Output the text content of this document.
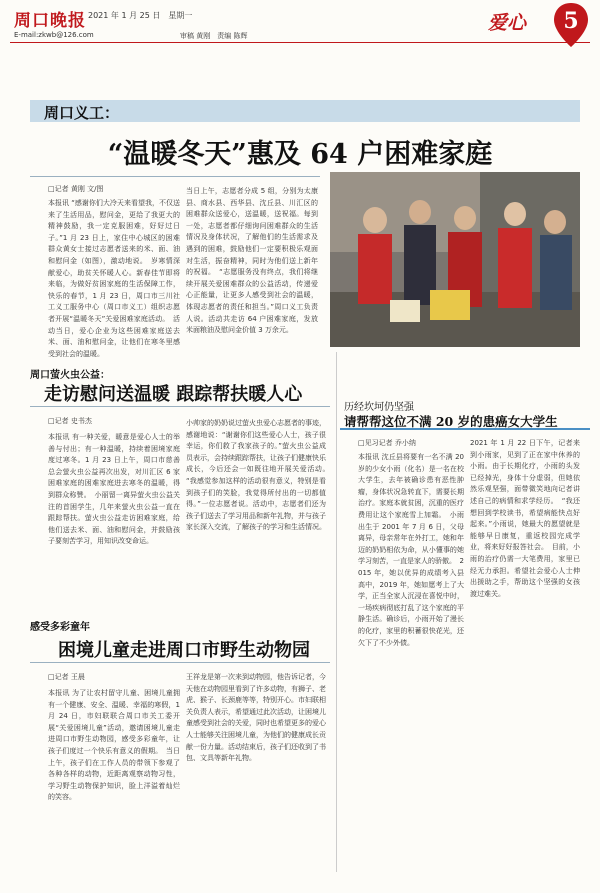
周口晚报 2021 年 1 月 25 日　星期一
E-mail:zkwb@126.com	审稿 黄刚　责编 陈辉
爱心	5
周口义工：
“温暖冬天”惠及 64 户困难家庭
□记者 黄刚 文/图
本报讯 “感谢你们大冷天来看望我，不仅送来了生活用品，慰问金，更给了我更大的精神鼓励，我一定克服困难，好好过日子。”1 月 23 日上，家住中心城区的困难群众黄女士接过志愿者送来的米、面、油和慰问金（如图），激动地说。　岁寒情深献爱心，助贫关怀暖人心。新春佳节即将来临，为做好贫困家庭的生活保障工作，快乐的春节，1 月 23 日，周口市三川社工义工服务中心（周口市义工）组织志愿者开展“温暖冬天”关爱困难家庭活动。　活动当日，爱心企业为这些困难家庭送去米、面、油和慰问金，让他们在寒冬里感受到社会的温暖。
当日上午，志愿者分成 5 组，分别为太康县、商水县、西华县、沈丘县、川汇区的困难群众送爱心，送温暖，送祝福。每到一处，志愿者都仔细询问困难群众的生活情况及身体状况，了解他们的生活需求及遇到的困难，鼓励他们一定要积极乐观面对生活，振奋精神，同时为他们送上新年的祝福。　“志愿服务没有终点，我们将继续开展关爱困难群众的公益活动，传递爱心正能量，让更多人感受到社会的温暖，体现志愿者的责任和担当。”周口义工负责人说。活动共走访 64 户困难家庭，发放米面粮油及慰问金价值 3 万余元。
周口萤火虫公益：
走访慰问送温暖 跟踪帮扶暖人心
□记者 史书杰
本报讯 有一种关爱，暖意是爱心人士的举善与付出；有一种温暖，持续着困境家庭度过寒冬。1 月 23 日上午，周口市慈善总会萤火虫公益再次出发，对川汇区 6 家困难家庭的困难家庭进去寒冬的温暖，得到群众称赞。　小丽留一离异萤火虫公益关注的首困学生，几年来萤火虫公益一直在跟踪帮扶。萤火虫公益走访困难家庭，给他们送去米、面、油和慰问金，并鼓励孩子要刻苦学习，用知识改变命运。
小帅家的奶奶说过萤火虫爱心志愿者的事迹，感谢地说：“谢谢你们这些爱心人士，孩子很幸运，你们救了我家孩子的。”萤火虫公益成员表示，会持续跟踪帮扶，让孩子们健康快乐成长，今后还会一如既往地开展关爱活动。　“我感觉参加这样的活动很有意义，特别是看到孩子们的笑脸，我觉得所付出的一切都值得。”一位志愿者说。活动中，志愿者们还为孩子们送去了学习用品和新年礼物，并与孩子家长深入交流，了解孩子的学习和生活情况。
感受多彩童年
困境儿童走进周口市野生动物园
□记者 王晨
本报讯 为了让农村留守儿童、困境儿童拥有一个健康、安全、温暖、幸福的寒假，1 月 24 日，市妇联联合周口市关工委开展“关爱困境儿童”活动，邀请困境儿童走进周口市野生动物园，感受多彩童年，让孩子们度过一个快乐有意义的假期。　当日上午，孩子们在工作人员的带领下参观了各种各样的动物，近距离观察动物习性，学习野生动物保护知识，脸上洋溢着灿烂的笑容。
王祥龙是第一次来到动物园，他告诉记者，今天他在动物园里看到了许多动物，有狮子、老虎、猴子、长颈鹿等等，特别开心。市妇联相关负责人表示，希望通过此次活动，让困境儿童感受到社会的关爱，同时也希望更多的爱心人士能够关注困境儿童，为他们的健康成长贡献一份力量。活动结束后，孩子们还收到了书包、文具等新年礼物。
历经坎坷仍坚强
请帮帮这位不满 20 岁的患癌女大学生
□见习记者 乔小纳
本报讯 沈丘县将要有一名不满 20 岁的少女小雨（化名）是一名在校大学生，去年被确诊患有恶性肿瘤，身体状况急转直下，需要长期治疗。家庭本就贫困，沉重的医疗费用让这个家庭雪上加霜。　小雨出生于 2001 年 7 月 6 日，父母离异，母亲常年在外打工，她和年迈的奶奶相依为命，从小懂事的她学习刻苦，一直是家人的骄傲。　2015 年，她以优异的成绩考入县高中，2019 年，她如愿考上了大学，正当全家人沉浸在喜悦中时，一场疾病彻底打乱了这个家庭的平静生活。确诊后，小雨开始了漫长的化疗，家里的积蓄很快花光，还欠下了不少外债。
2021 年 1 月 22 日下午，记者来到小雨家，见到了正在家中休养的小雨。由于长期化疗，小雨的头发已经掉光，身体十分虚弱，但她依然乐观坚强，面带微笑地向记者讲述自己的病情和求学经历。　“我还想回到学校读书，希望病能快点好起来。”小雨说，她最大的愿望就是能够早日康复，重返校园完成学业，将来好好报答社会。　目前，小雨的治疗仍需一大笔费用，家里已经无力承担。希望社会爱心人士伸出援助之手，帮助这个坚强的女孩渡过难关。
